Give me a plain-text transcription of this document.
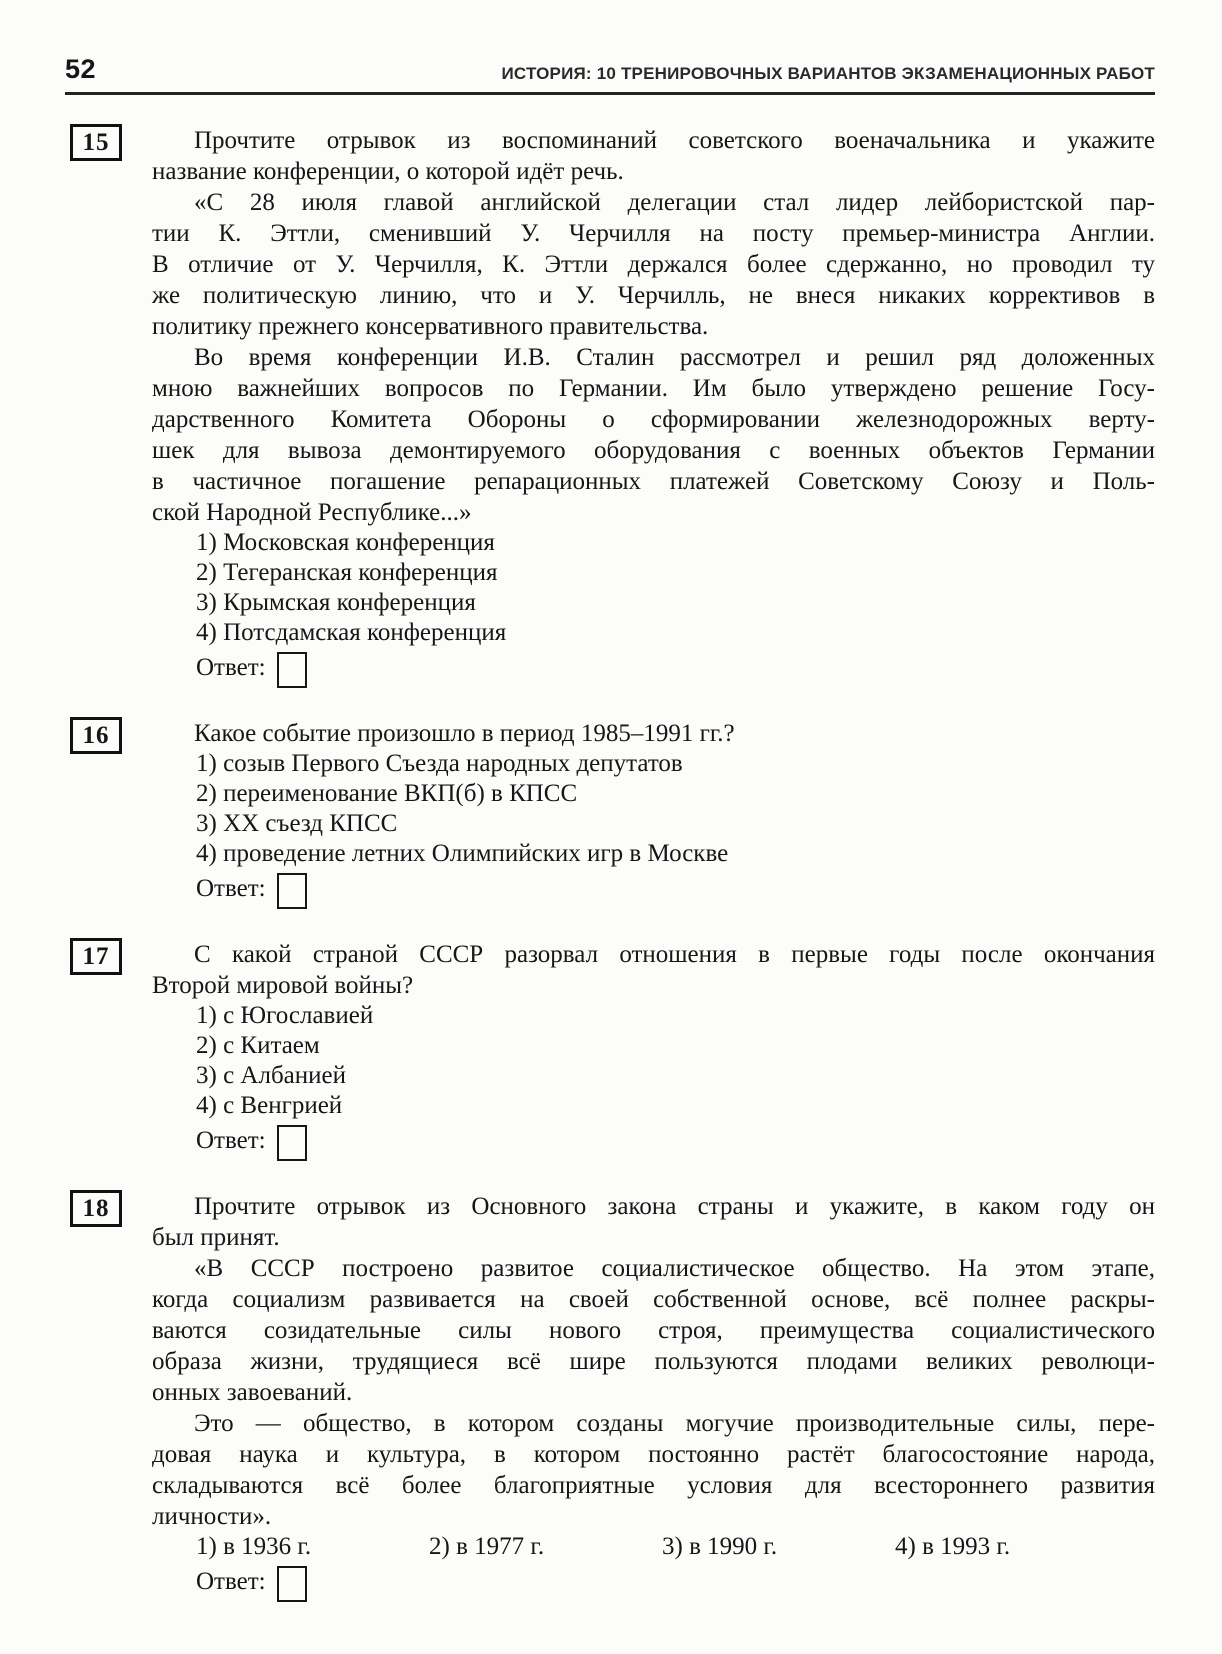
52	ИСТОРИЯ: 10 ТРЕНИРОВОЧНЫХ ВАРИАНТОВ ЭКЗАМЕНАЦИОННЫХ РАБОТ
15	Прочтите отрывок из воспоминаний советского военачальника и укажите
название конференции, о которой идёт речь.
«С 28 июля главой английской делегации стал лидер лейбористской пар-
тии К. Эттли, сменивший У. Черчилля на посту премьер-министра Англии.
В отличие от У. Черчилля, К. Эттли держался более сдержанно, но проводил ту
же политическую линию, что и У. Черчилль, не внеся никаких коррективов в
политику прежнего консервативного правительства.
Во время конференции И.В. Сталин рассмотрел и решил ряд доложенных
мною важнейших вопросов по Германии. Им было утверждено решение Госу-
дарственного Комитета Обороны о сформировании железнодорожных верту-
шек для вывоза демонтируемого оборудования с военных объектов Германии
в частичное погашение репарационных платежей Советскому Союзу и Поль-
ской Народной Республике...»
1) Московская конференция
2) Тегеранская конференция
3) Крымская конференция
4) Потсдамская конференция
Ответ:
16	Какое событие произошло в период 1985–1991 гг.?
1) созыв Первого Съезда народных депутатов
2) переименование ВКП(б) в КПСС
3) XX съезд КПСС
4) проведение летних Олимпийских игр в Москве
Ответ:
17	С какой страной СССР разорвал отношения в первые годы после окончания
Второй мировой войны?
1) с Югославией
2) с Китаем
3) с Албанией
4) с Венгрией
Ответ:
18	Прочтите отрывок из Основного закона страны и укажите, в каком году он
был принят.
«В СССР построено развитое социалистическое общество. На этом этапе,
когда социализм развивается на своей собственной основе, всё полнее раскры-
ваются созидательные силы нового строя, преимущества социалистического
образа жизни, трудящиеся всё шире пользуются плодами великих революци-
онных завоеваний.
Это — общество, в котором созданы могучие производительные силы, пере-
довая наука и культура, в котором постоянно растёт благосостояние народа,
складываются всё более благоприятные условия для всестороннего развития
личности».
1) в 1936 г.	2) в 1977 г.	3) в 1990 г.	4) в 1993 г.
Ответ:
